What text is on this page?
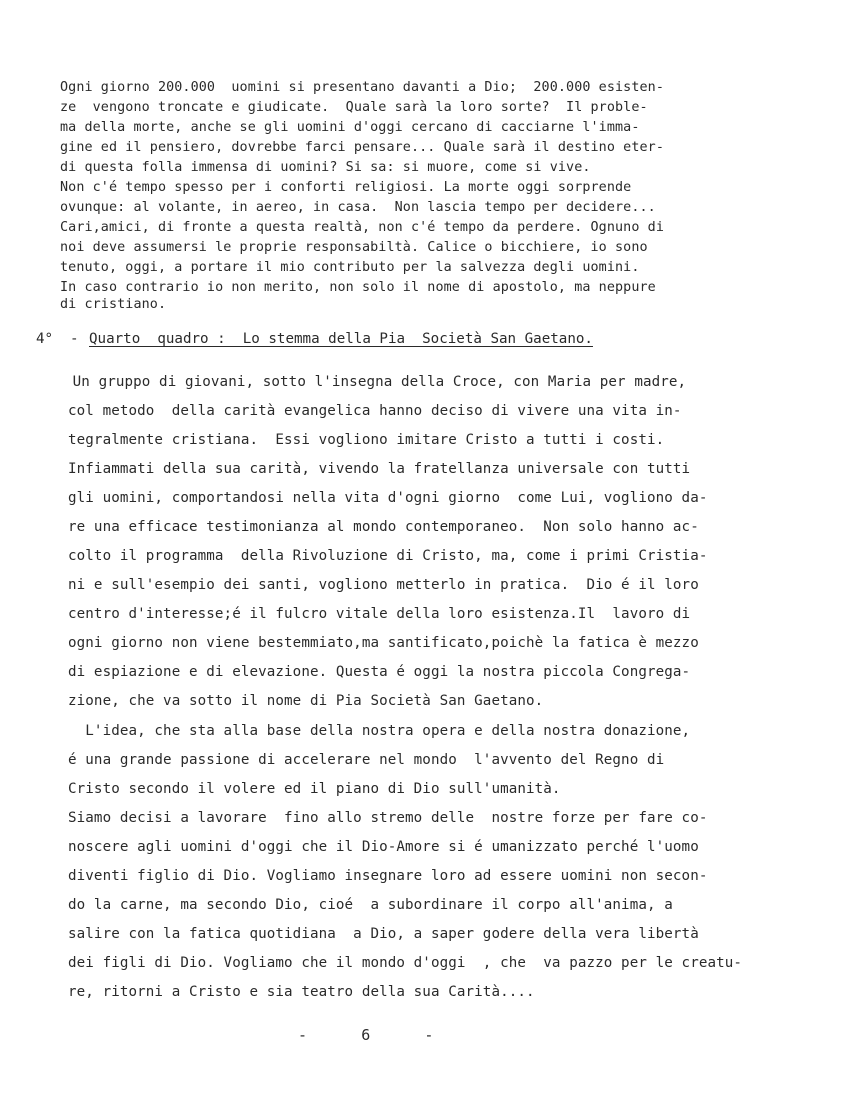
Ogni giorno 200.000  uomini si presentano davanti a Dio;  200.000 esisten-

ze  vengono troncate e giudicate.  Quale sarà la loro sorte?  Il proble-

ma della morte, anche se gli uomini d'oggi cercano di cacciarne l'imma-

gine ed il pensiero, dovrebbe farci pensare... Quale sarà il destino eter-

di questa folla immensa di uomini? Si sa: si muore, come si vive.

Non c'é tempo spesso per i conforti religiosi. La morte oggi sorprende

ovunque: al volante, in aereo, in casa.  Non lascia tempo per decidere...

Cari,amici, di fronte a questa realtà, non c'é tempo da perdere. Ognuno di

noi deve assumersi le proprie responsabiltà. Calice o bicchiere, io sono

tenuto, oggi, a portare il mio contributo per la salvezza degli uomini.

In caso contrario io non merito, non solo il nome di apostolo, ma neppure

di cristiano.

4° - Quarto  quadro :  Lo stemma della Pia  Società San Gaetano.

Un gruppo di giovani, sotto l'insegna della Croce, con Maria per madre,

col metodo  della carità evangelica hanno deciso di vivere una vita in-

tegralmente cristiana.  Essi vogliono imitare Cristo a tutti i costi.

Infiammati della sua carità, vivendo la fratellanza universale con tutti

gli uomini, comportandosi nella vita d'ogni giorno  come Lui, vogliono da-

re una efficace testimonianza al mondo contemporaneo.  Non solo hanno ac-

colto il programma  della Rivoluzione di Cristo, ma, come i primi Cristia-

ni e sull'esempio dei santi, vogliono metterlo in pratica.  Dio é il loro

centro d'interesse;é il fulcro vitale della loro esistenza.Il  lavoro di

ogni giorno non viene bestemmiato,ma santificato,poichè la fatica è mezzo

di espiazione e di elevazione. Questa é oggi la nostra piccola Congrega-

zione, che va sotto il nome di Pia Società San Gaetano.

L'idea, che sta alla base della nostra opera e della nostra donazione,

é una grande passione di accelerare nel mondo  l'avvento del Regno di

Cristo secondo il volere ed il piano di Dio sull'umanità.

Siamo decisi a lavorare  fino allo stremo delle  nostre forze per fare co-

noscere agli uomini d'oggi che il Dio-Amore si é umanizzato perché l'uomo

diventi figlio di Dio. Vogliamo insegnare loro ad essere uomini non secon-

do la carne, ma secondo Dio, cioé  a subordinare il corpo all'anima, a

salire con la fatica quotidiana  a Dio, a saper godere della vera libertà

dei figli di Dio. Vogliamo che il mondo d'oggi  , che  va pazzo per le creatu-

re, ritorni a Cristo e sia teatro della sua Carità....

-      6      -
